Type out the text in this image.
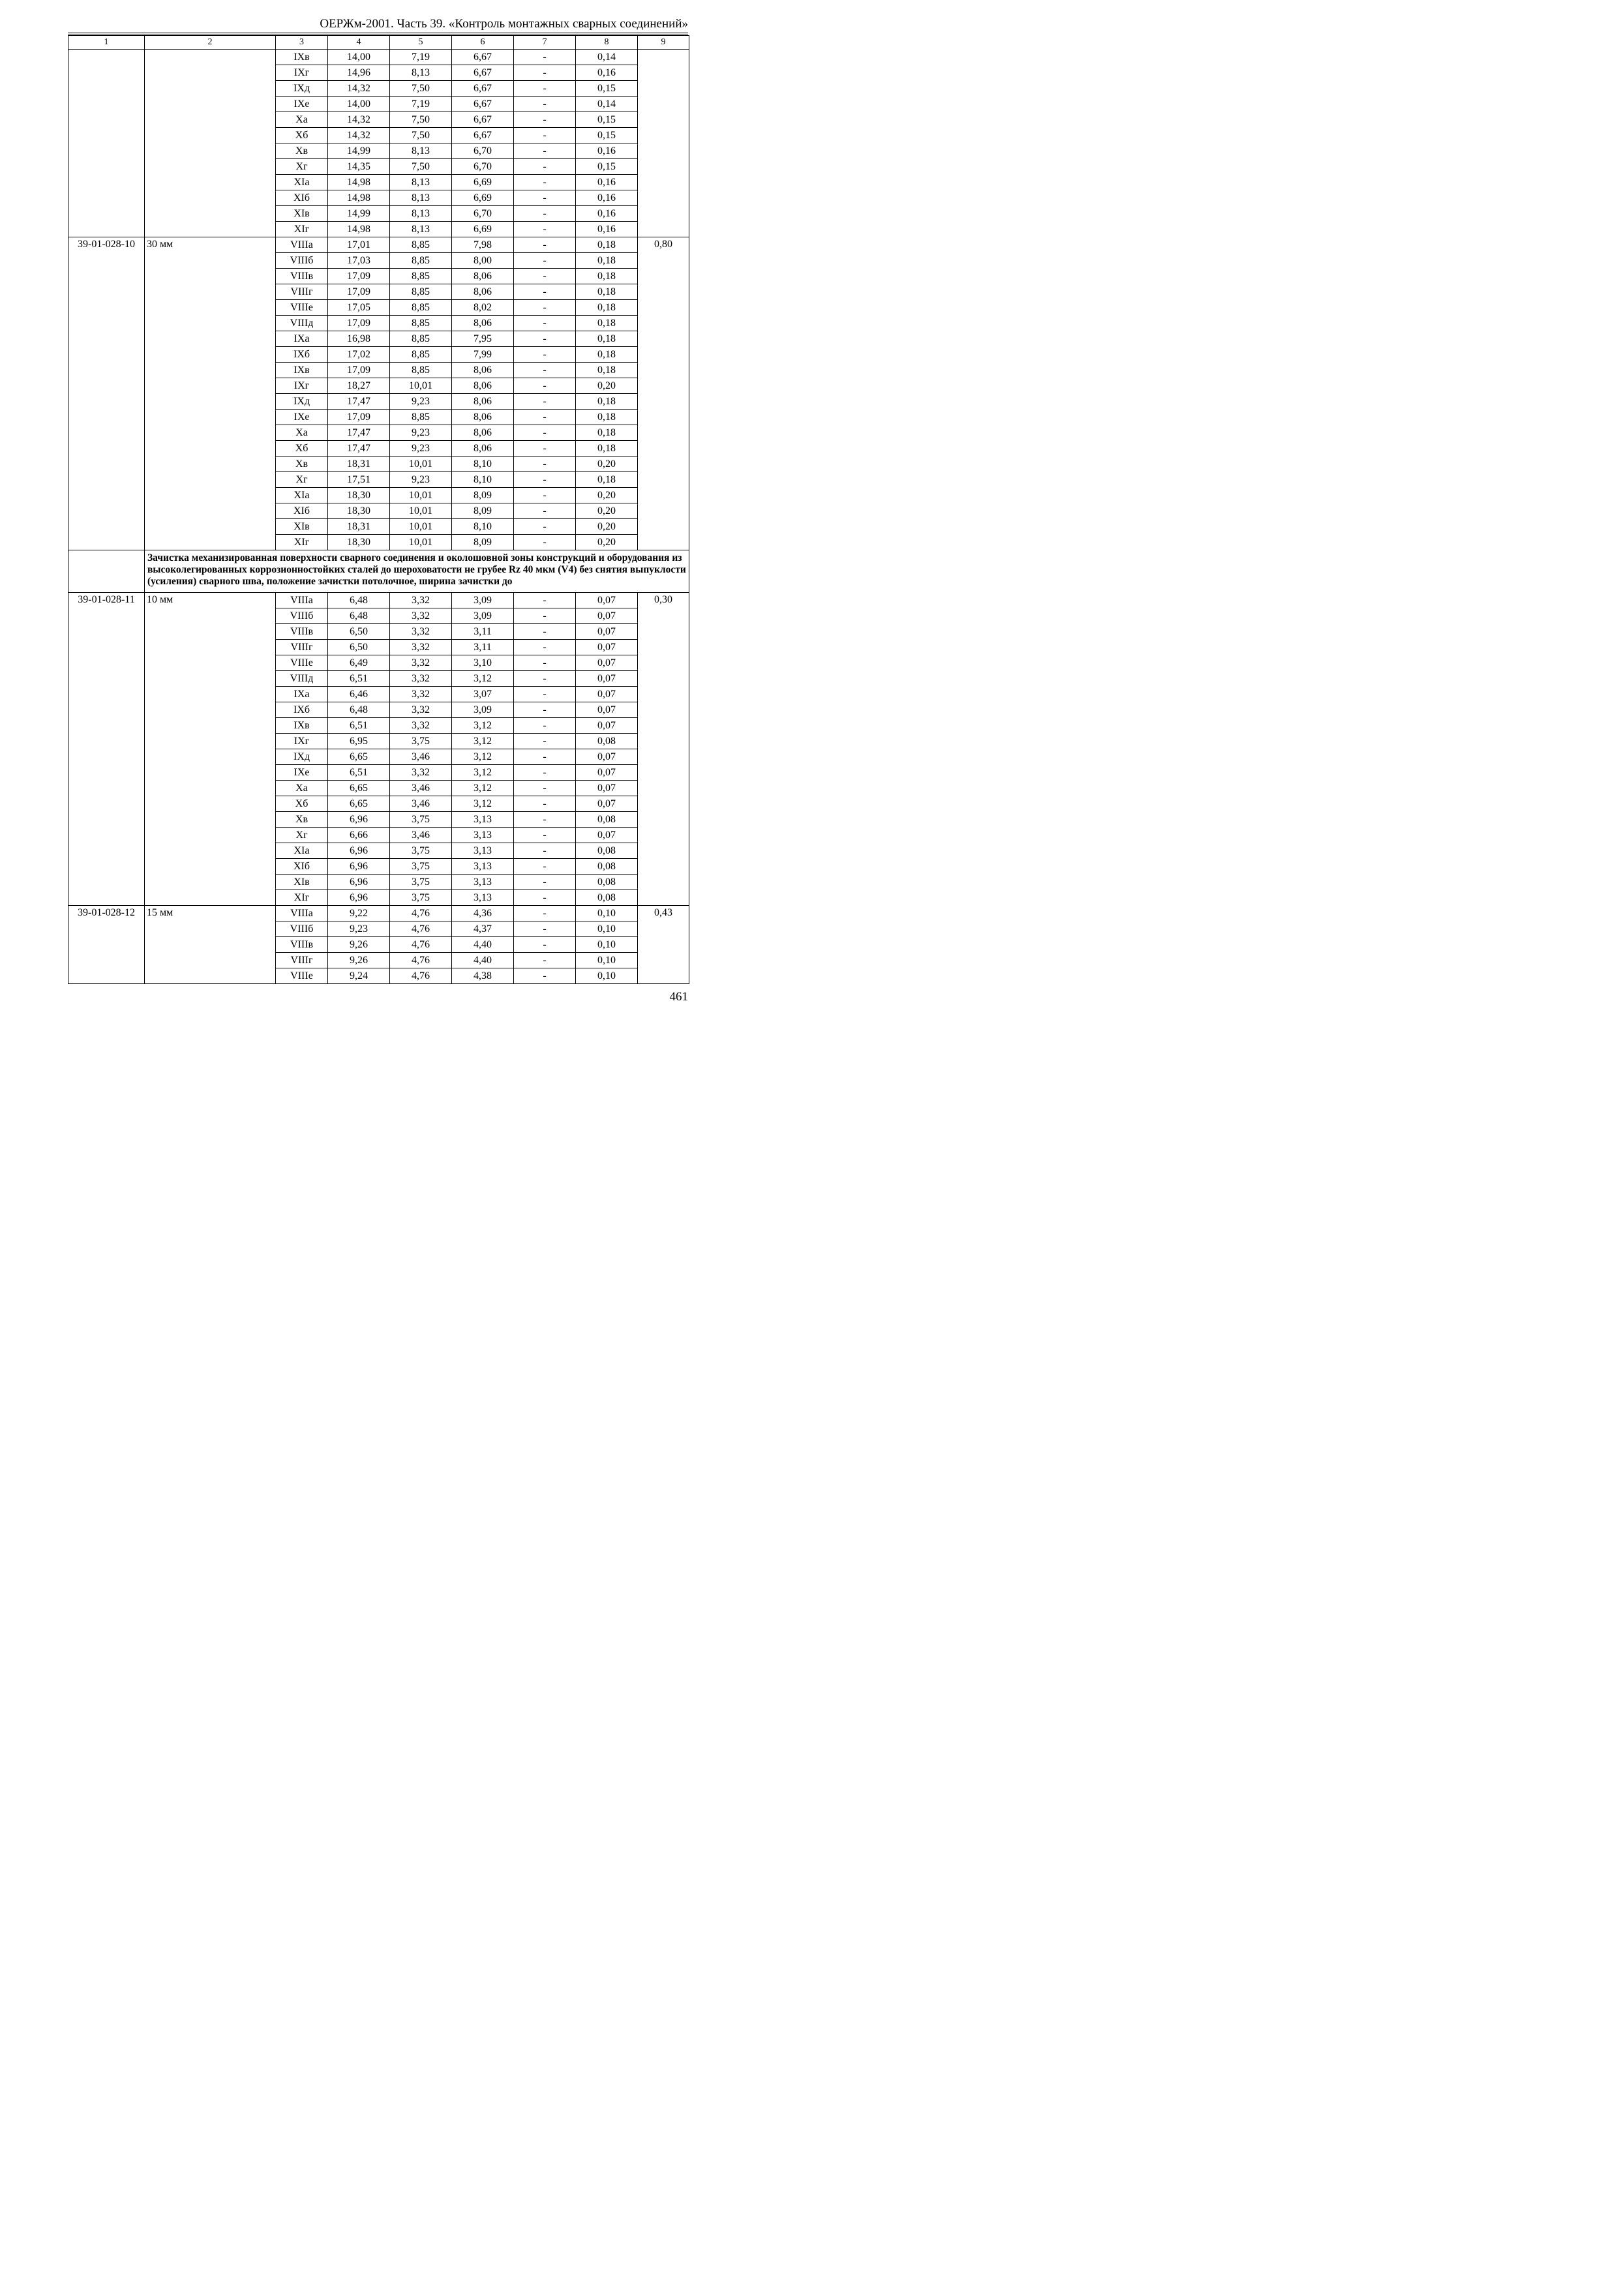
ОЕРЖм-2001. Часть 39. «Контроль монтажных сварных соединений»
1	2	3	4	5	6	7	8	9
		IXв	14,00	7,19	6,67	-	0,14	
		IXг	14,96	8,13	6,67	-	0,16	
		IXд	14,32	7,50	6,67	-	0,15	
		IXе	14,00	7,19	6,67	-	0,14	
		Xа	14,32	7,50	6,67	-	0,15	
		Xб	14,32	7,50	6,67	-	0,15	
		Xв	14,99	8,13	6,70	-	0,16	
		Xг	14,35	7,50	6,70	-	0,15	
		XIа	14,98	8,13	6,69	-	0,16	
		XIб	14,98	8,13	6,69	-	0,16	
		XIв	14,99	8,13	6,70	-	0,16	
		XIг	14,98	8,13	6,69	-	0,16	
39-01-028-10	30 мм	VIIIа	17,01	8,85	7,98	-	0,18	0,80
		VIIIб	17,03	8,85	8,00	-	0,18	
		VIIIв	17,09	8,85	8,06	-	0,18	
		VIIIг	17,09	8,85	8,06	-	0,18	
		VIIIе	17,05	8,85	8,02	-	0,18	
		VIIIд	17,09	8,85	8,06	-	0,18	
		IXа	16,98	8,85	7,95	-	0,18	
		IXб	17,02	8,85	7,99	-	0,18	
		IXв	17,09	8,85	8,06	-	0,18	
		IXг	18,27	10,01	8,06	-	0,20	
		IXд	17,47	9,23	8,06	-	0,18	
		IXе	17,09	8,85	8,06	-	0,18	
		Xа	17,47	9,23	8,06	-	0,18	
		Xб	17,47	9,23	8,06	-	0,18	
		Xв	18,31	10,01	8,10	-	0,20	
		Xг	17,51	9,23	8,10	-	0,18	
		XIа	18,30	10,01	8,09	-	0,20	
		XIб	18,30	10,01	8,09	-	0,20	
		XIв	18,31	10,01	8,10	-	0,20	
		XIг	18,30	10,01	8,09	-	0,20	
	Зачистка механизированная поверхности сварного соединения и околошовной зоны конструкций и оборудования из высоколегированных коррозионностойких сталей до шероховатости не грубее Rz 40 мкм (V4) без снятия выпуклости (усиления) сварного шва, положение зачистки потолочное, ширина зачистки до							
39-01-028-11	10 мм	VIIIа	6,48	3,32	3,09	-	0,07	0,30
		VIIIб	6,48	3,32	3,09	-	0,07	
		VIIIв	6,50	3,32	3,11	-	0,07	
		VIIIг	6,50	3,32	3,11	-	0,07	
		VIIIе	6,49	3,32	3,10	-	0,07	
		VIIIд	6,51	3,32	3,12	-	0,07	
		IXа	6,46	3,32	3,07	-	0,07	
		IXб	6,48	3,32	3,09	-	0,07	
		IXв	6,51	3,32	3,12	-	0,07	
		IXг	6,95	3,75	3,12	-	0,08	
		IXд	6,65	3,46	3,12	-	0,07	
		IXе	6,51	3,32	3,12	-	0,07	
		Xа	6,65	3,46	3,12	-	0,07	
		Xб	6,65	3,46	3,12	-	0,07	
		Xв	6,96	3,75	3,13	-	0,08	
		Xг	6,66	3,46	3,13	-	0,07	
		XIа	6,96	3,75	3,13	-	0,08	
		XIб	6,96	3,75	3,13	-	0,08	
		XIв	6,96	3,75	3,13	-	0,08	
		XIг	6,96	3,75	3,13	-	0,08	
39-01-028-12	15 мм	VIIIа	9,22	4,76	4,36	-	0,10	0,43
		VIIIб	9,23	4,76	4,37	-	0,10	
		VIIIв	9,26	4,76	4,40	-	0,10	
		VIIIг	9,26	4,76	4,40	-	0,10	
		VIIIе	9,24	4,76	4,38	-	0,10	
461
